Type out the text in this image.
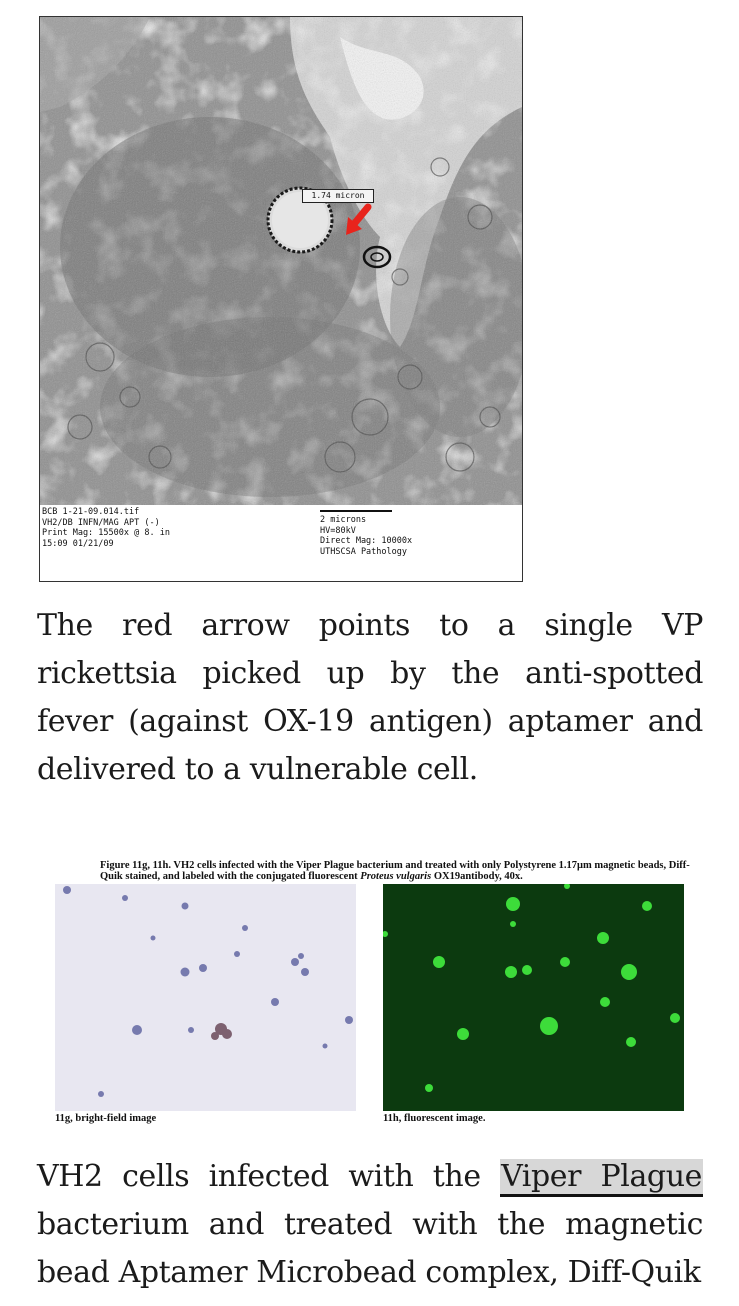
1.74 micron
BCB 1-21-09.014.tif
VH2/DB INFN/MAG APT (-)
Print Mag: 15500x @ 8. in
15:09 01/21/09
2 microns
HV=80kV
Direct Mag: 10000x
UTHSCSA Pathology

The red arrow points to a single VP rickettsia picked up by the anti-spotted fever (against OX-19 antigen) aptamer and delivered to a vulnerable cell.

Figure 11g, 11h. VH2 cells infected with the Viper Plague bacterium and treated with only Polystyrene 1.17μm magnetic beads, Diff-Quik stained, and labeled with the conjugated fluorescent Proteus vulgaris OX19antibody, 40x.
11g, bright-field image	11h, fluorescent image.

VH2 cells infected with the Viper Plague bacterium and treated with the magnetic bead Aptamer Microbead complex, Diff-Quik
